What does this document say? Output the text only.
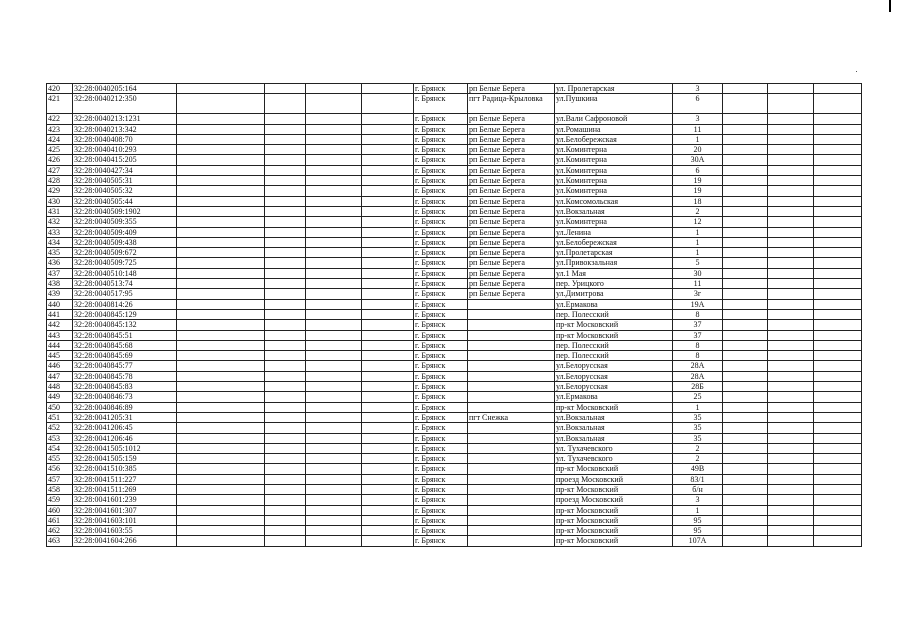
420	32:28:0040205:164					г. Брянск	рп Белые Берега	ул. Пролетарская	3			
421	32:28:0040212:350					г. Брянск	пгт Радица-Крыловка	ул.Пушкина	6			
422	32:28:0040213:1231					г. Брянск	рп Белые Берега	ул.Вали Сафроновой	3			
423	32:28:0040213:342					г. Брянск	рп Белые Берега	ул.Ромашина	11			
424	32:28:0040408:70					г. Брянск	рп Белые Берега	ул.Белобережская	1			
425	32:28:0040410:293					г. Брянск	рп Белые Берега	ул.Коминтерна	20			
426	32:28:0040415:205					г. Брянск	рп Белые Берега	ул.Коминтерна	30А			
427	32:28:0040427:34					г. Брянск	рп Белые Берега	ул.Коминтерна	6			
428	32:28:0040505:31					г. Брянск	рп Белые Берега	ул.Коминтерна	19			
429	32:28:0040505:32					г. Брянск	рп Белые Берега	ул.Коминтерна	19			
430	32:28:0040505:44					г. Брянск	рп Белые Берега	ул.Комсомольская	18			
431	32:28:0040509:1902					г. Брянск	рп Белые Берега	ул.Вокзальная	2			
432	32:28:0040509:355					г. Брянск	рп Белые Берега	ул.Коминтерна	12			
433	32:28:0040509:409					г. Брянск	рп Белые Берега	ул.Ленина	1			
434	32:28:0040509:438					г. Брянск	рп Белые Берега	ул.Белобережская	1			
435	32:28:0040509:672					г. Брянск	рп Белые Берега	ул.Пролетарская	1			
436	32:28:0040509:725					г. Брянск	рп Белые Берега	ул.Привокзальная	5			
437	32:28:0040510:148					г. Брянск	рп Белые Берега	ул.1 Мая	30			
438	32:28:0040513:74					г. Брянск	рп Белые Берега	пер. Урицкого	11			
439	32:28:0040517:95					г. Брянск	рп Белые Берега	ул.Димитрова	3г			
440	32:28:0040814:26					г. Брянск		ул.Ермакова	19А			
441	32:28:0040845:129					г. Брянск		пер. Полесский	8			
442	32:28:0040845:132					г. Брянск		пр-кт Московский	37			
443	32:28:0040845:51					г. Брянск		пр-кт Московский	37			
444	32:28:0040845:68					г. Брянск		пер. Полесский	8			
445	32:28:0040845:69					г. Брянск		пер. Полесский	8			
446	32:28:0040845:77					г. Брянск		ул.Белорусская	28А			
447	32:28:0040845:78					г. Брянск		ул.Белорусская	28А			
448	32:28:0040845:83					г. Брянск		ул.Белорусская	28Б			
449	32:28:0040846:73					г. Брянск		ул.Ермакова	25			
450	32:28:0040846:89					г. Брянск		пр-кт Московский	1			
451	32:28:0041205:31					г. Брянск	пгт Снежка	ул.Вокзальная	35			
452	32:28:0041206:45					г. Брянск		ул.Вокзальная	35			
453	32:28:0041206:46					г. Брянск		ул.Вокзальная	35			
454	32:28:0041505:1012					г. Брянск		ул. Тухачевского	2			
455	32:28:0041505:159					г. Брянск		ул. Тухачевского	2			
456	32:28:0041510:385					г. Брянск		пр-кт Московский	49В			
457	32:28:0041511:227					г. Брянск		проезд Московский	83/1			
458	32:28:0041511:269					г. Брянск		пр-кт Московский	б/н			
459	32:28:0041601:239					г. Брянск		проезд Московский	3			
460	32:28:0041601:307					г. Брянск		пр-кт Московский	1			
461	32:28:0041603:101					г. Брянск		пр-кт Московский	95			
462	32:28:0041603:55					г. Брянск		пр-кт Московский	95			
463	32:28:0041604:266					г. Брянск		пр-кт Московский	107А			
